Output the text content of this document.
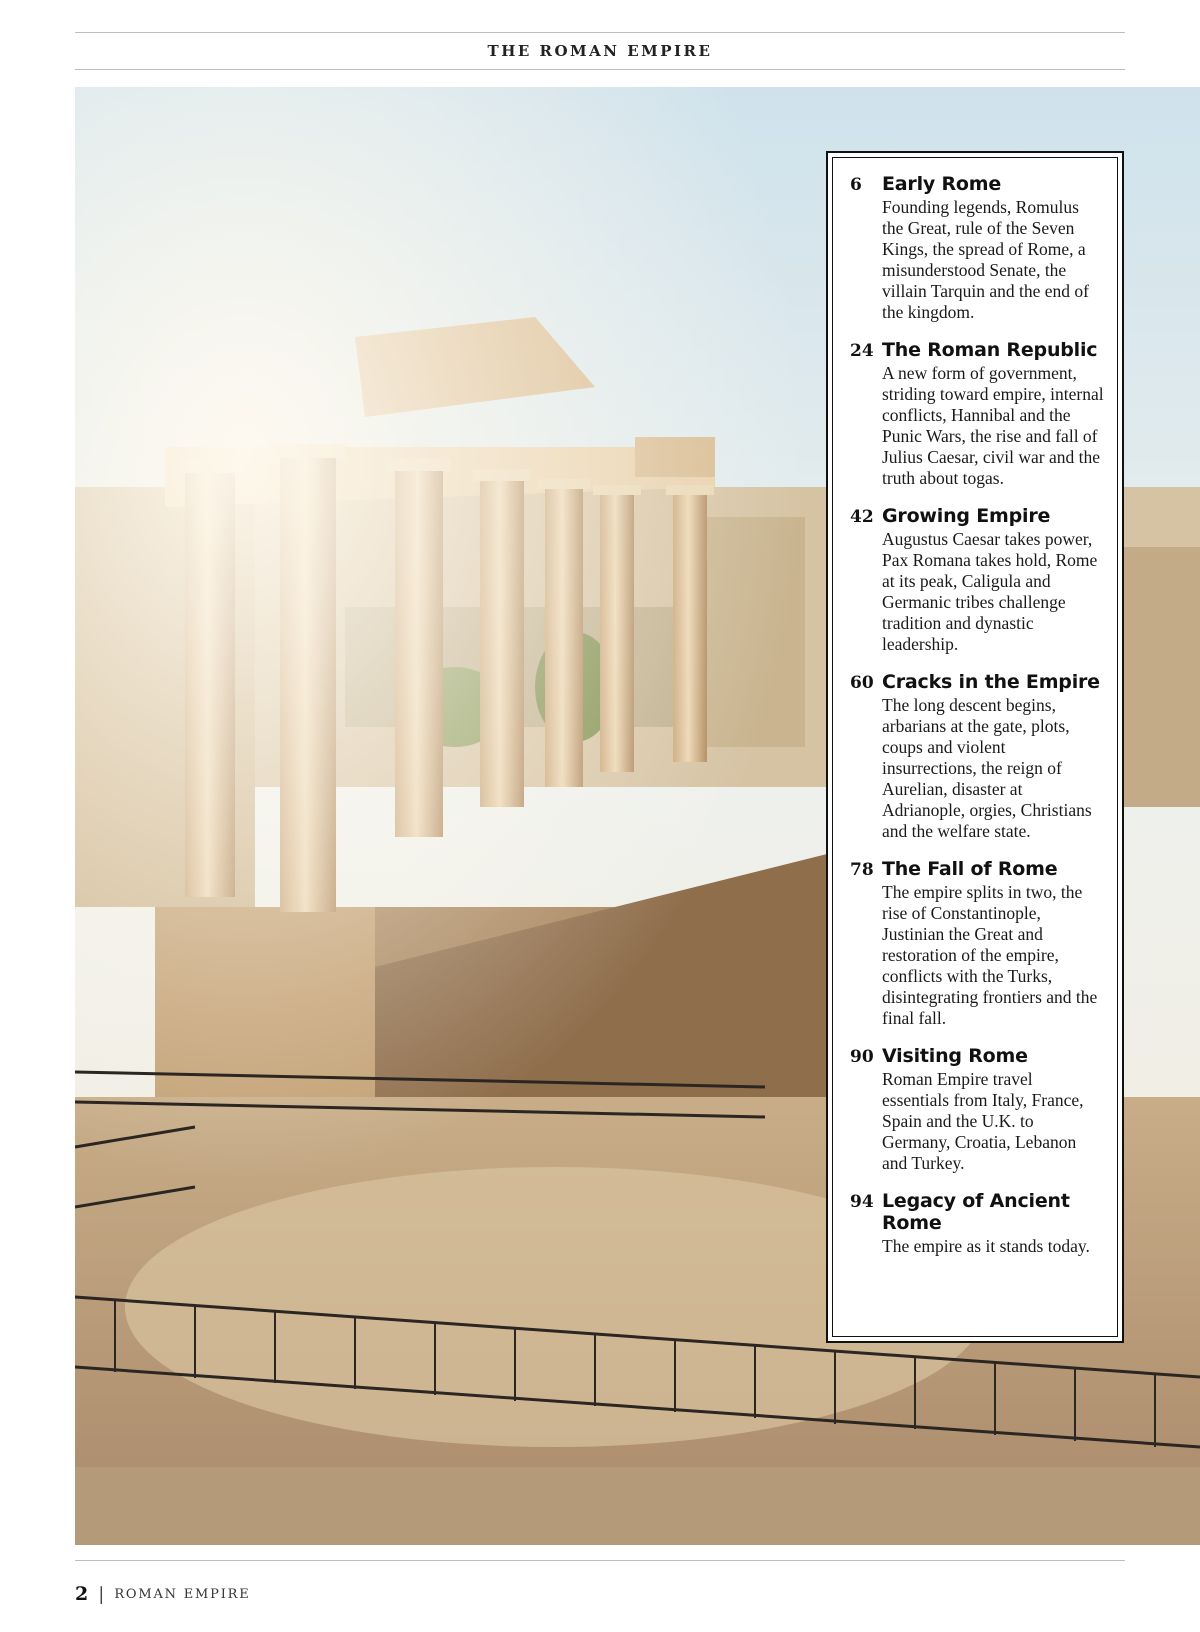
THE ROMAN EMPIRE
6	Early Rome
Founding legends, Romulus the Great, rule of the Seven Kings, the spread of Rome, a misunderstood Senate, the villain Tarquin and the end of the kingdom.
24 The Roman Republic
A new form of government, striding toward empire, internal conflicts, Hannibal and the Punic Wars, the rise and fall of Julius Caesar, civil war and the truth about togas.
42 Growing Empire
Augustus Caesar takes power, Pax Romana takes hold, Rome at its peak, Caligula and Germanic tribes challenge tradition and dynastic leadership.
60 Cracks in the Empire
The long descent begins, arbarians at the gate, plots, coups and violent insurrections, the reign of Aurelian, disaster at Adrianople, orgies, Christians and the welfare state.
78 The Fall of Rome
The empire splits in two, the rise of Constantinople, Justinian the Great and restoration of the empire, conflicts with the Turks, disintegrating frontiers and the final fall.
90 Visiting Rome
Roman Empire travel essentials from Italy, France, Spain and the U.K. to Germany, Croatia, Lebanon and Turkey.
94 Legacy of Ancient Rome
The empire as it stands today.
2 | ROMAN EMPIRE
